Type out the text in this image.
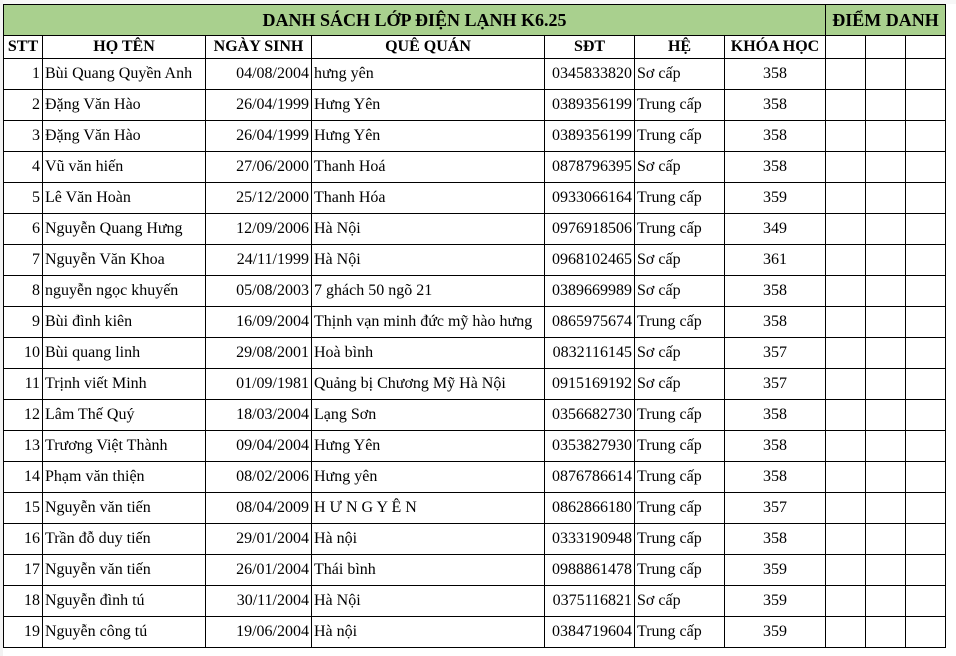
DANH SÁCH LỚP ĐIỆN LẠNH K6.25							ĐIỂM DANH		
STT	HỌ TÊN	NGÀY SINH	QUÊ QUÁN	SĐT	HỆ	KHÓA HỌC			
1	Bùi Quang Quyền Anh	04/08/2004	hưng yên	0345833820	Sơ cấp	358			
2	Đặng Văn Hào	26/04/1999	Hưng Yên	0389356199	Trung cấp	358			
3	Đặng Văn Hào	26/04/1999	Hưng Yên	0389356199	Trung cấp	358			
4	Vũ văn hiến	27/06/2000	Thanh Hoá	0878796395	Sơ cấp	358			
5	Lê Văn Hoàn	25/12/2000	Thanh Hóa	0933066164	Trung cấp	359			
6	Nguyễn Quang Hưng	12/09/2006	Hà Nội	0976918506	Trung cấp	349			
7	Nguyễn Văn Khoa	24/11/1999	Hà Nội	0968102465	Sơ cấp	361			
8	nguyễn ngọc khuyến	05/08/2003	7 ghách 50 ngõ 21	0389669989	Sơ cấp	358			
9	Bùi đình kiên	16/09/2004	Thịnh vạn minh đức mỹ hào hưng	0865975674	Trung cấp	358			
10	Bùi quang linh	29/08/2001	Hoà bình	0832116145	Sơ cấp	357			
11	Trịnh viết Minh	01/09/1981	Quảng bị Chương Mỹ Hà Nội	0915169192	Sơ cấp	357			
12	Lâm Thế Quý	18/03/2004	Lạng Sơn	0356682730	Trung cấp	358			
13	Trương Việt Thành	09/04/2004	Hưng Yên	0353827930	Trung cấp	358			
14	Phạm văn thiện	08/02/2006	Hưng yên	0876786614	Trung cấp	358			
15	Nguyễn văn tiến	08/04/2009	H Ư N G Y Ê N	0862866180	Trung cấp	357			
16	Trần đỗ duy tiến	29/01/2004	Hà nội	0333190948	Trung cấp	358			
17	Nguyễn văn tiến	26/01/2004	Thái bình	0988861478	Trung cấp	359			
18	Nguyễn đình tú	30/11/2004	Hà Nội	0375116821	Sơ cấp	359			
19	Nguyễn công tú	19/06/2004	Hà nội	0384719604	Trung cấp	359			
